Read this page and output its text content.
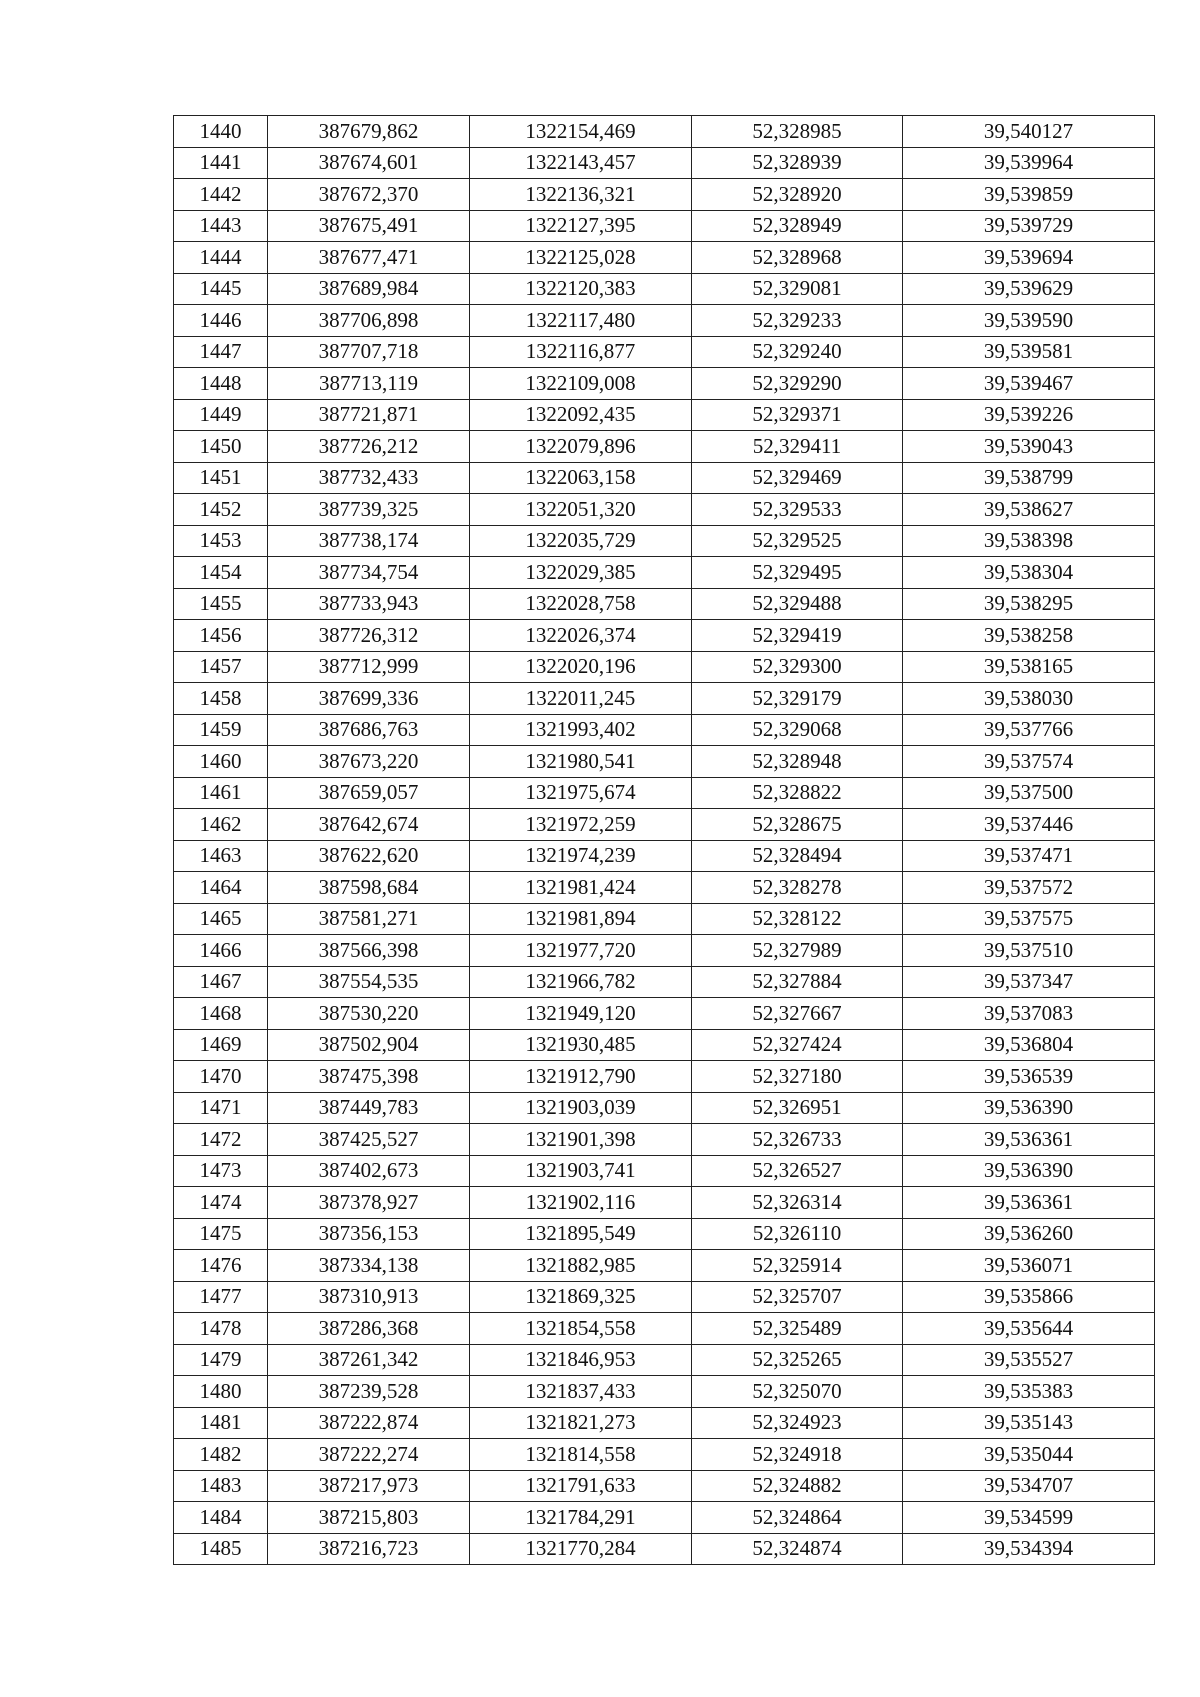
1440	387679,862	1322154,469	52,328985	39,540127
1441	387674,601	1322143,457	52,328939	39,539964
1442	387672,370	1322136,321	52,328920	39,539859
1443	387675,491	1322127,395	52,328949	39,539729
1444	387677,471	1322125,028	52,328968	39,539694
1445	387689,984	1322120,383	52,329081	39,539629
1446	387706,898	1322117,480	52,329233	39,539590
1447	387707,718	1322116,877	52,329240	39,539581
1448	387713,119	1322109,008	52,329290	39,539467
1449	387721,871	1322092,435	52,329371	39,539226
1450	387726,212	1322079,896	52,329411	39,539043
1451	387732,433	1322063,158	52,329469	39,538799
1452	387739,325	1322051,320	52,329533	39,538627
1453	387738,174	1322035,729	52,329525	39,538398
1454	387734,754	1322029,385	52,329495	39,538304
1455	387733,943	1322028,758	52,329488	39,538295
1456	387726,312	1322026,374	52,329419	39,538258
1457	387712,999	1322020,196	52,329300	39,538165
1458	387699,336	1322011,245	52,329179	39,538030
1459	387686,763	1321993,402	52,329068	39,537766
1460	387673,220	1321980,541	52,328948	39,537574
1461	387659,057	1321975,674	52,328822	39,537500
1462	387642,674	1321972,259	52,328675	39,537446
1463	387622,620	1321974,239	52,328494	39,537471
1464	387598,684	1321981,424	52,328278	39,537572
1465	387581,271	1321981,894	52,328122	39,537575
1466	387566,398	1321977,720	52,327989	39,537510
1467	387554,535	1321966,782	52,327884	39,537347
1468	387530,220	1321949,120	52,327667	39,537083
1469	387502,904	1321930,485	52,327424	39,536804
1470	387475,398	1321912,790	52,327180	39,536539
1471	387449,783	1321903,039	52,326951	39,536390
1472	387425,527	1321901,398	52,326733	39,536361
1473	387402,673	1321903,741	52,326527	39,536390
1474	387378,927	1321902,116	52,326314	39,536361
1475	387356,153	1321895,549	52,326110	39,536260
1476	387334,138	1321882,985	52,325914	39,536071
1477	387310,913	1321869,325	52,325707	39,535866
1478	387286,368	1321854,558	52,325489	39,535644
1479	387261,342	1321846,953	52,325265	39,535527
1480	387239,528	1321837,433	52,325070	39,535383
1481	387222,874	1321821,273	52,324923	39,535143
1482	387222,274	1321814,558	52,324918	39,535044
1483	387217,973	1321791,633	52,324882	39,534707
1484	387215,803	1321784,291	52,324864	39,534599
1485	387216,723	1321770,284	52,324874	39,534394
